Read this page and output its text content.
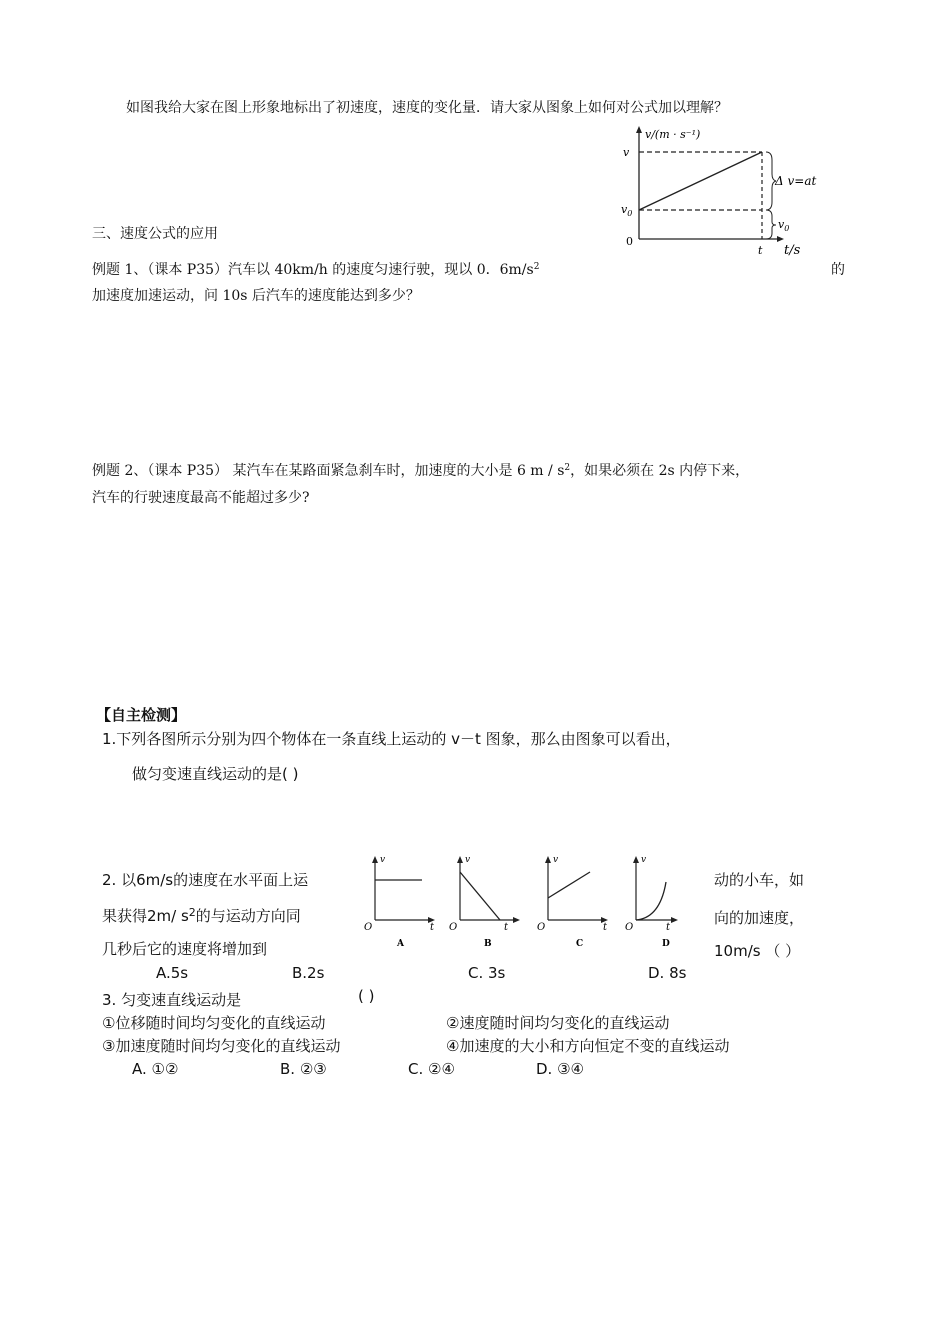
如图我给大家在图上形象地标出了初速度，速度的变化量．请大家从图象上如何对公式加以理解？
v/(m · s⁻¹)
v
$v_0$
0
t t/s
Δ v=at
$v_0$
三、速度公式的应用
例题 1、（课本 P35）汽车以 40km/h 的速度匀速行驶，现以 0．$6m/s^2$	的
加速度加速运动，问 10s 后汽车的速度能达到多少？
例题 2、（课本 P35） 某汽车在某路面紧急刹车时，加速度的大小是 6 m / $s^2$，如果必须在 2s 内停下来，
汽车的行驶速度最高不能超过多少?
【自主检测】
1.下列各图所示分别为四个物体在一条直线上运动的 v－t 图象，那么由图象可以看出，
做匀变速直线运动的是( )
v
O	t
A
v
O	t
B
v
O	t
C
v
O	t
D
2. 以6m/s的速度在水平面上运	动的小车，如
果获得2m/ $s^2$的与运动方向同	向的加速度，
几秒后它的速度将增加到	10m/s （ ）
A.5s	B.2s	C. 3s	D. 8s
3. 匀变速直线运动是	( )
①位移随时间均匀变化的直线运动	②速度随时间均匀变化的直线运动
③加速度随时间均匀变化的直线运动	④加速度的大小和方向恒定不变的直线运动
A. ①②	B. ②③	C. ②④	D. ③④
